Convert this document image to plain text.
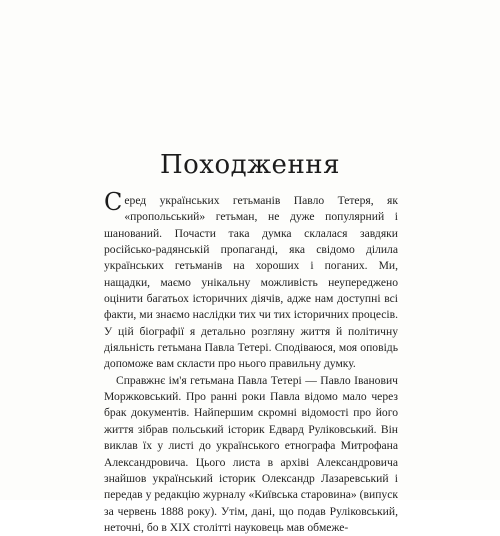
Походження

Серед українських гетьманів Павло Тетеря, як «пропольський» гетьман, не дуже популярний і шанований. Почасти така думка склалася завдяки російсько-радянській пропаганді, яка свідомо ділила українських гетьманів на хороших і поганих. Ми, нащадки, маємо унікальну можливість неупереджено оцінити багатьох історичних діячів, адже нам доступні всі факти, ми знаємо наслідки тих чи тих історичних процесів. У цій біографії я детально розгляну життя й політичну діяльність гетьмана Павла Тетері. Сподіваюся, моя оповідь допоможе вам скласти про нього правильну думку.

Справжнє ім'я гетьмана Павла Тетері — Павло Іванович Моржковський. Про ранні роки Павла відомо мало через брак документів. Найпершим скромні відомості про його життя зібрав польський історик Едвард Руліковський. Він виклав їх у листі до українського етнографа Митрофана Александровича. Цього листа в архіві Александровича знайшов український історик Олександр Лазаревський і передав у редакцію журналу «Київська старовина» (випуск за червень 1888 року). Утім, дані, що подав Руліковський, неточні, бо в XIX столітті науковець мав обмеже-
